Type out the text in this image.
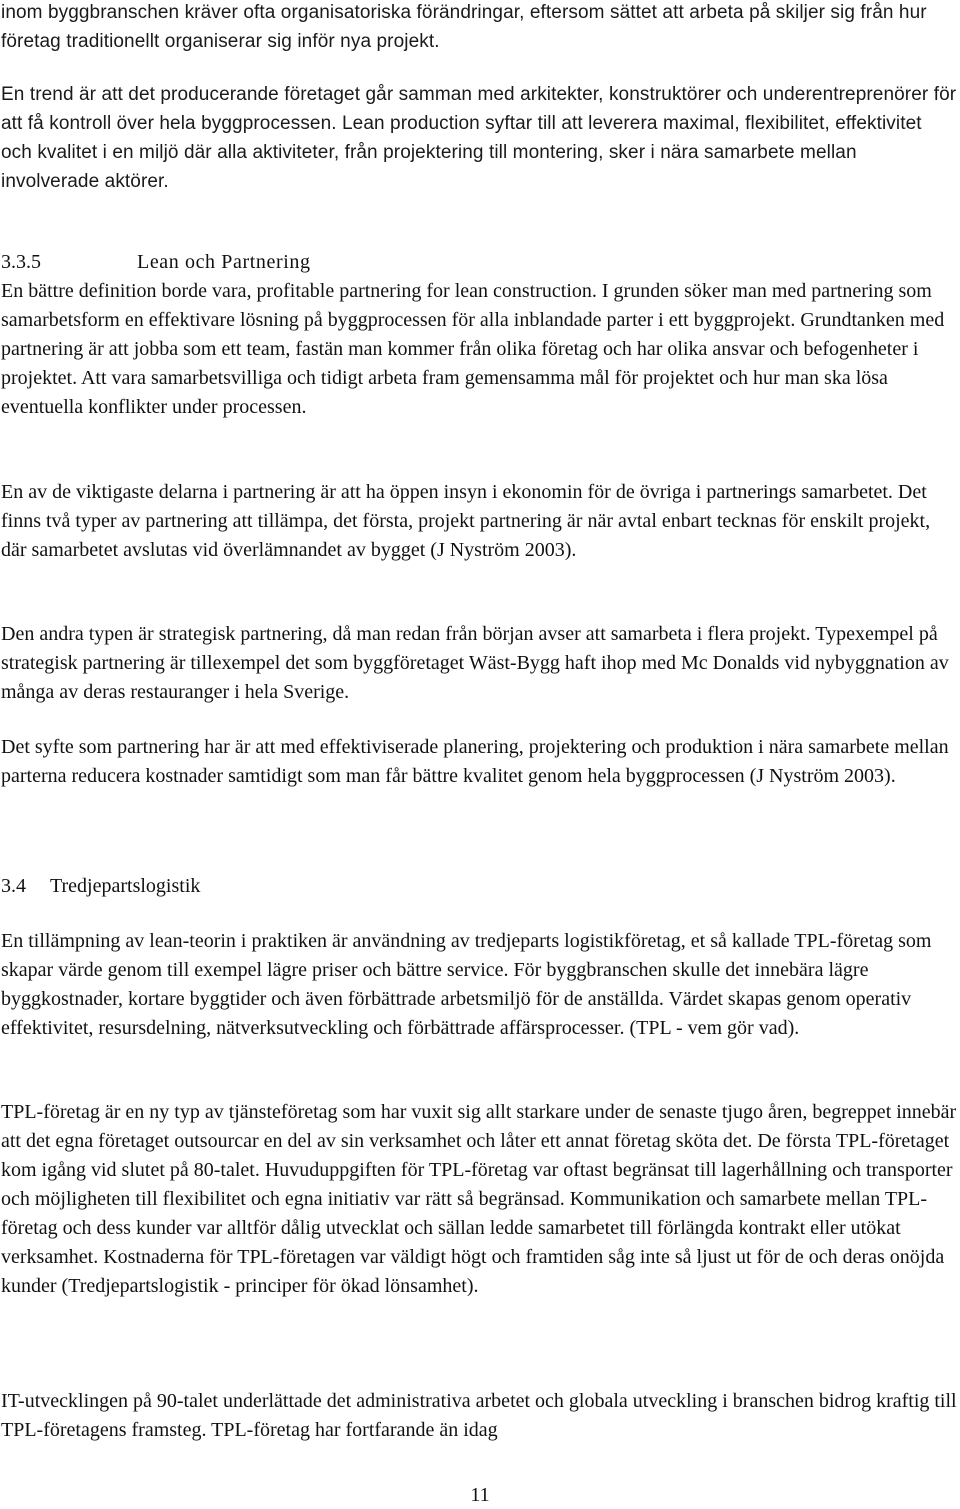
inom byggbranschen kräver ofta organisatoriska förändringar, eftersom sättet att arbeta på skiljer sig från hur företag traditionellt organiserar sig inför nya projekt.

En trend är att det producerande företaget går samman med arkitekter, konstruktörer och underentreprenörer för att få kontroll över hela byggprocessen. Lean production syftar till att leverera maximal, flexibilitet, effektivitet och kvalitet i en miljö där alla aktiviteter, från projektering till montering, sker i nära samarbete mellan involverade aktörer.

3.3.5	Lean och Partnering

En bättre definition borde vara, profitable partnering for lean construction. I grunden söker man med partnering som samarbetsform en effektivare lösning på byggprocessen för alla inblandade parter i ett byggprojekt. Grundtanken med partnering är att jobba som ett team, fastän man kommer från olika företag och har olika ansvar och befogenheter i projektet. Att vara samarbetsvilliga och tidigt arbeta fram gemensamma mål för projektet och hur man ska lösa eventuella konflikter under processen.

En av de viktigaste delarna i partnering är att ha öppen insyn i ekonomin för de övriga i partnerings samarbetet. Det finns två typer av partnering att tillämpa, det första, projekt partnering är när avtal enbart tecknas för enskilt projekt, där samarbetet avslutas vid överlämnandet av bygget (J Nyström 2003).

Den andra typen är strategisk partnering, då man redan från början avser att samarbeta i flera projekt. Typexempel på strategisk partnering är tillexempel det som byggföretaget Wäst-Bygg haft ihop med Mc Donalds vid nybyggnation av många av deras restauranger i hela Sverige.

Det syfte som partnering har är att med effektiviserade planering, projektering och produktion i nära samarbete mellan parterna reducera kostnader samtidigt som man får bättre kvalitet genom hela byggprocessen (J Nyström 2003).

3.4 Tredjepartslogistik

En tillämpning av lean-teorin i praktiken är användning av tredjeparts logistikföretag, et så kallade TPL-företag som skapar värde genom till exempel lägre priser och bättre service. För byggbranschen skulle det innebära lägre byggkostnader, kortare byggtider och även förbättrade arbetsmiljö för de anställda. Värdet skapas genom operativ effektivitet, resursdelning, nätverksutveckling och förbättrade affärsprocesser. (TPL - vem gör vad).

TPL-företag är en ny typ av tjänsteföretag som har vuxit sig allt starkare under de senaste tjugo åren, begreppet innebär att det egna företaget outsourcar en del av sin verksamhet och låter ett annat företag sköta det. De första TPL-företaget kom igång vid slutet på 80-talet. Huvuduppgiften för TPL-företag var oftast begränsat till lagerhållning och transporter och möjligheten till flexibilitet och egna initiativ var rätt så begränsad. Kommunikation och samarbete mellan TPL-företag och dess kunder var alltför dålig utvecklat och sällan ledde samarbetet till förlängda kontrakt eller utökat verksamhet. Kostnaderna för TPL-företagen var väldigt högt och framtiden såg inte så ljust ut för de och deras onöjda kunder (Tredjepartslogistik - principer för ökad lönsamhet).

IT-utvecklingen på 90-talet underlättade det administrativa arbetet och globala utveckling i branschen bidrog kraftig till TPL-företagens framsteg. TPL-företag har fortfarande än idag

11
